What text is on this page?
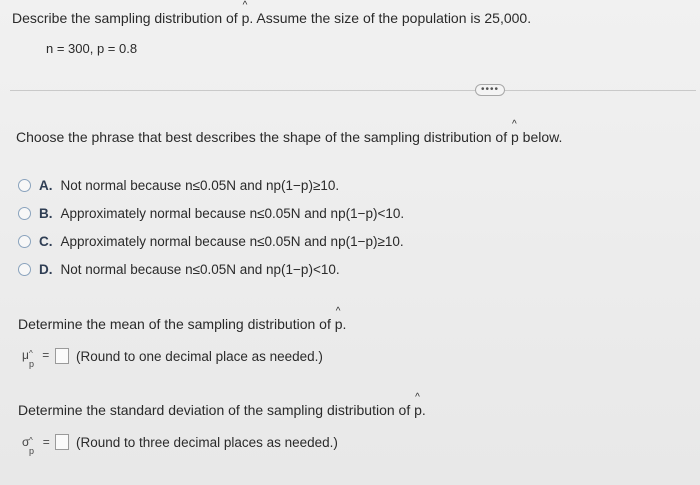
Describe the sampling distribution of
^
p. Assume the size of the population is 25,000.
n = 300, p = 0.8
••••
Choose the phrase that best describes the shape of the sampling distribution of
^
p below.
A. Not normal because n≤0.05N and np(1−p)≥10.
B. Approximately normal because n≤0.05N and np(1−p)<10.
C. Approximately normal because n≤0.05N and np(1−p)≥10.
D. Not normal because n≤0.05N and np(1−p)<10.
Determine the mean of the sampling distribution of
^
p.
μ ^
p
= (Round to one decimal place as needed.)
Determine the standard deviation of the sampling distribution of
^
p.
σ ^
p
= (Round to three decimal places as needed.)
